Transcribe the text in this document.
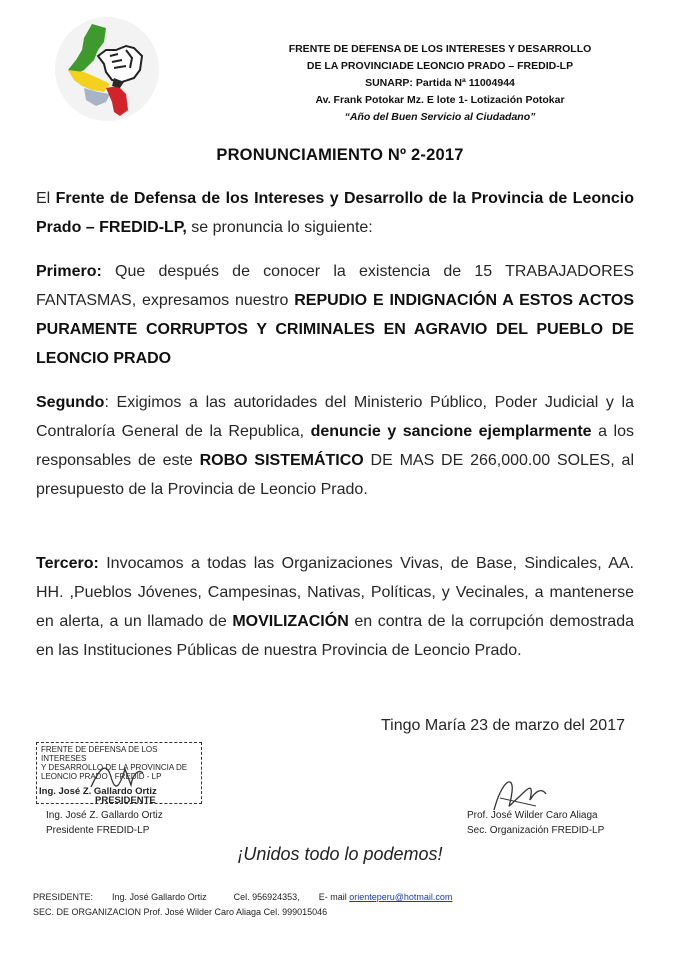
FRENTE DE DEFENSA DE LOS INTERESES Y DESARROLLO
DE LA PROVINCIADE LEONCIO PRADO – FREDID-LP
SUNARP: Partida Nª 11004944
Av. Frank Potokar Mz. E lote 1- Lotización Potokar
“Año del Buen Servicio al Ciudadano”
PRONUNCIAMIENTO Nº 2-2017
El Frente de Defensa de los Intereses y Desarrollo de la Provincia de Leoncio Prado – FREDID-LP, se pronuncia lo siguiente:
Primero: Que después de conocer la existencia de 15 TRABAJADORES FANTASMAS, expresamos nuestro REPUDIO E INDIGNACIÓN A ESTOS ACTOS PURAMENTE CORRUPTOS Y CRIMINALES EN AGRAVIO DEL PUEBLO DE LEONCIO PRADO
Segundo: Exigimos a las autoridades del Ministerio Público, Poder Judicial y la Contraloría General de la Republica, denuncie y sancione ejemplarmente a los responsables de este ROBO SISTEMÁTICO DE MAS DE 266,000.00 SOLES, al presupuesto de la Provincia de Leoncio Prado.
Tercero: Invocamos a todas las Organizaciones Vivas, de Base, Sindicales, AA. HH. ,Pueblos Jóvenes, Campesinas, Nativas, Políticas, y Vecinales, a mantenerse en alerta, a un llamado de MOVILIZACIÓN en contra de la corrupción demostrada en las Instituciones Públicas de nuestra Provincia de Leoncio Prado.
Tingo María 23 de marzo del 2017
FRENTE DE DEFENSA DE LOS INTERESES
Y DESARROLLO DE LA PROVINCIA DE
LEONCIO PRADO · FREDID - LP
Ing. José Z. Gallardo Ortiz
PRESIDENTE
Ing. José Z. Gallardo Ortiz
Presidente FREDID-LP
Prof. José Wilder Caro Aliaga
Sec. Organización FREDID-LP
¡Unidos todo lo podemos!
PRESIDENTE: Ing. José Gallardo Ortiz	Cel. 956924353, E- mail orienteperu@hotmail.com
SEC. DE ORGANIZACION Prof. José Wilder Caro Aliaga Cel. 999015046
